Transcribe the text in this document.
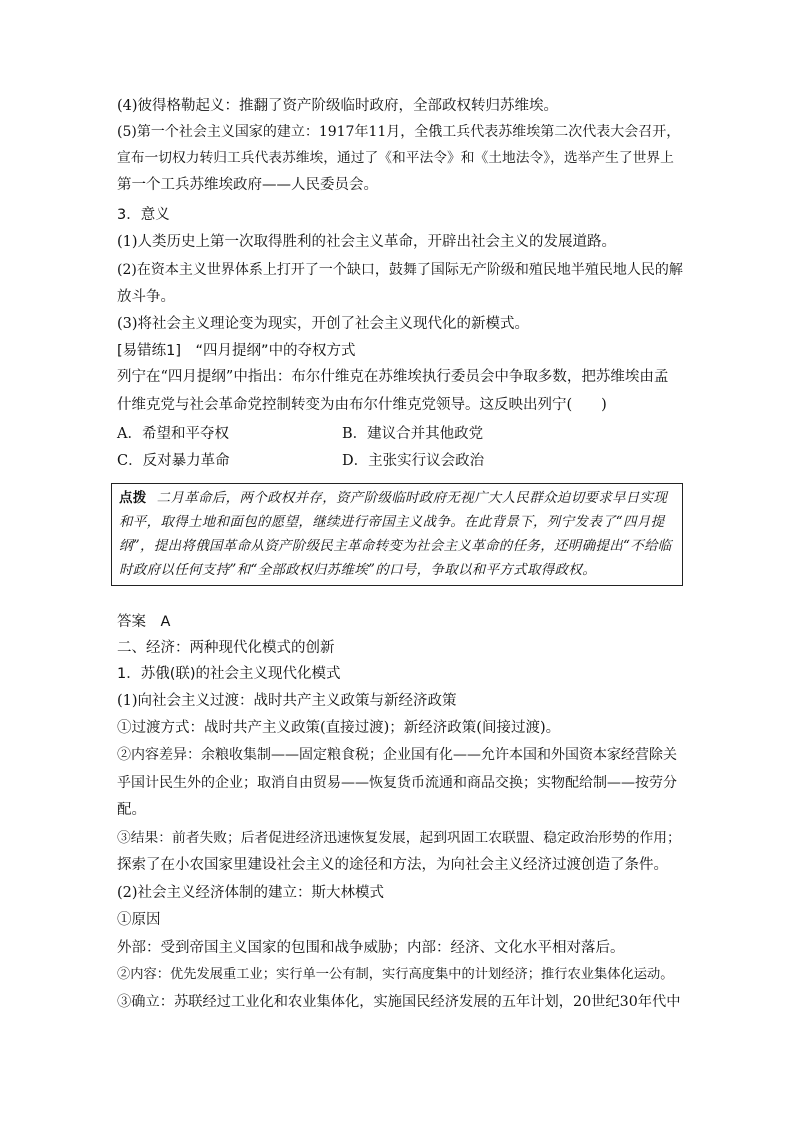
(4)彼得格勒起义：推翻了资产阶级临时政府，全部政权转归苏维埃。
(5)第一个社会主义国家的建立：1917年11月，全俄工兵代表苏维埃第二次代表大会召开，
宣布一切权力转归工兵代表苏维埃，通过了《和平法令》和《土地法令》，选举产生了世界上
第一个工兵苏维埃政府——人民委员会。
3．意义
(1)人类历史上第一次取得胜利的社会主义革命，开辟出社会主义的发展道路。
(2)在资本主义世界体系上打开了一个缺口，鼓舞了国际无产阶级和殖民地半殖民地人民的解
放斗争。
(3)将社会主义理论变为现实，开创了社会主义现代化的新模式。
[易错练1]　“四月提纲”中的夺权方式
列宁在“四月提纲”中指出：布尔什维克在苏维埃执行委员会中争取多数，把苏维埃由孟
什维克党与社会革命党控制转变为由布尔什维克党领导。这反映出列宁(　　)
A．希望和平夺权	B．建议合并其他政党
C．反对暴力革命	D．主张实行议会政治
点拨 二月革命后，两个政权并存，资产阶级临时政府无视广大人民群众迫切要求早日实现
和平，取得土地和面包的愿望，继续进行帝国主义战争。在此背景下，列宁发表了“四月提
纲”，提出将俄国革命从资产阶级民主革命转变为社会主义革命的任务，还明确提出“不给临
时政府以任何支持”和“全部政权归苏维埃”的口号，争取以和平方式取得政权。
答案　A
二、经济：两种现代化模式的创新
1．苏俄(联)的社会主义现代化模式
(1)向社会主义过渡：战时共产主义政策与新经济政策
①过渡方式：战时共产主义政策(直接过渡)；新经济政策(间接过渡)。
②内容差异：余粮收集制——固定粮食税；企业国有化——允许本国和外国资本家经营除关
乎国计民生外的企业；取消自由贸易——恢复货币流通和商品交换；实物配给制——按劳分
配。
③结果：前者失败；后者促进经济迅速恢复发展，起到巩固工农联盟、稳定政治形势的作用；
探索了在小农国家里建设社会主义的途径和方法，为向社会主义经济过渡创造了条件。
(2)社会主义经济体制的建立：斯大林模式
①原因
外部：受到帝国主义国家的包围和战争威胁；内部：经济、文化水平相对落后。
②内容：优先发展重工业；实行单一公有制，实行高度集中的计划经济；推行农业集体化运动。
③确立：苏联经过工业化和农业集体化，实施国民经济发展的五年计划，20世纪30年代中
